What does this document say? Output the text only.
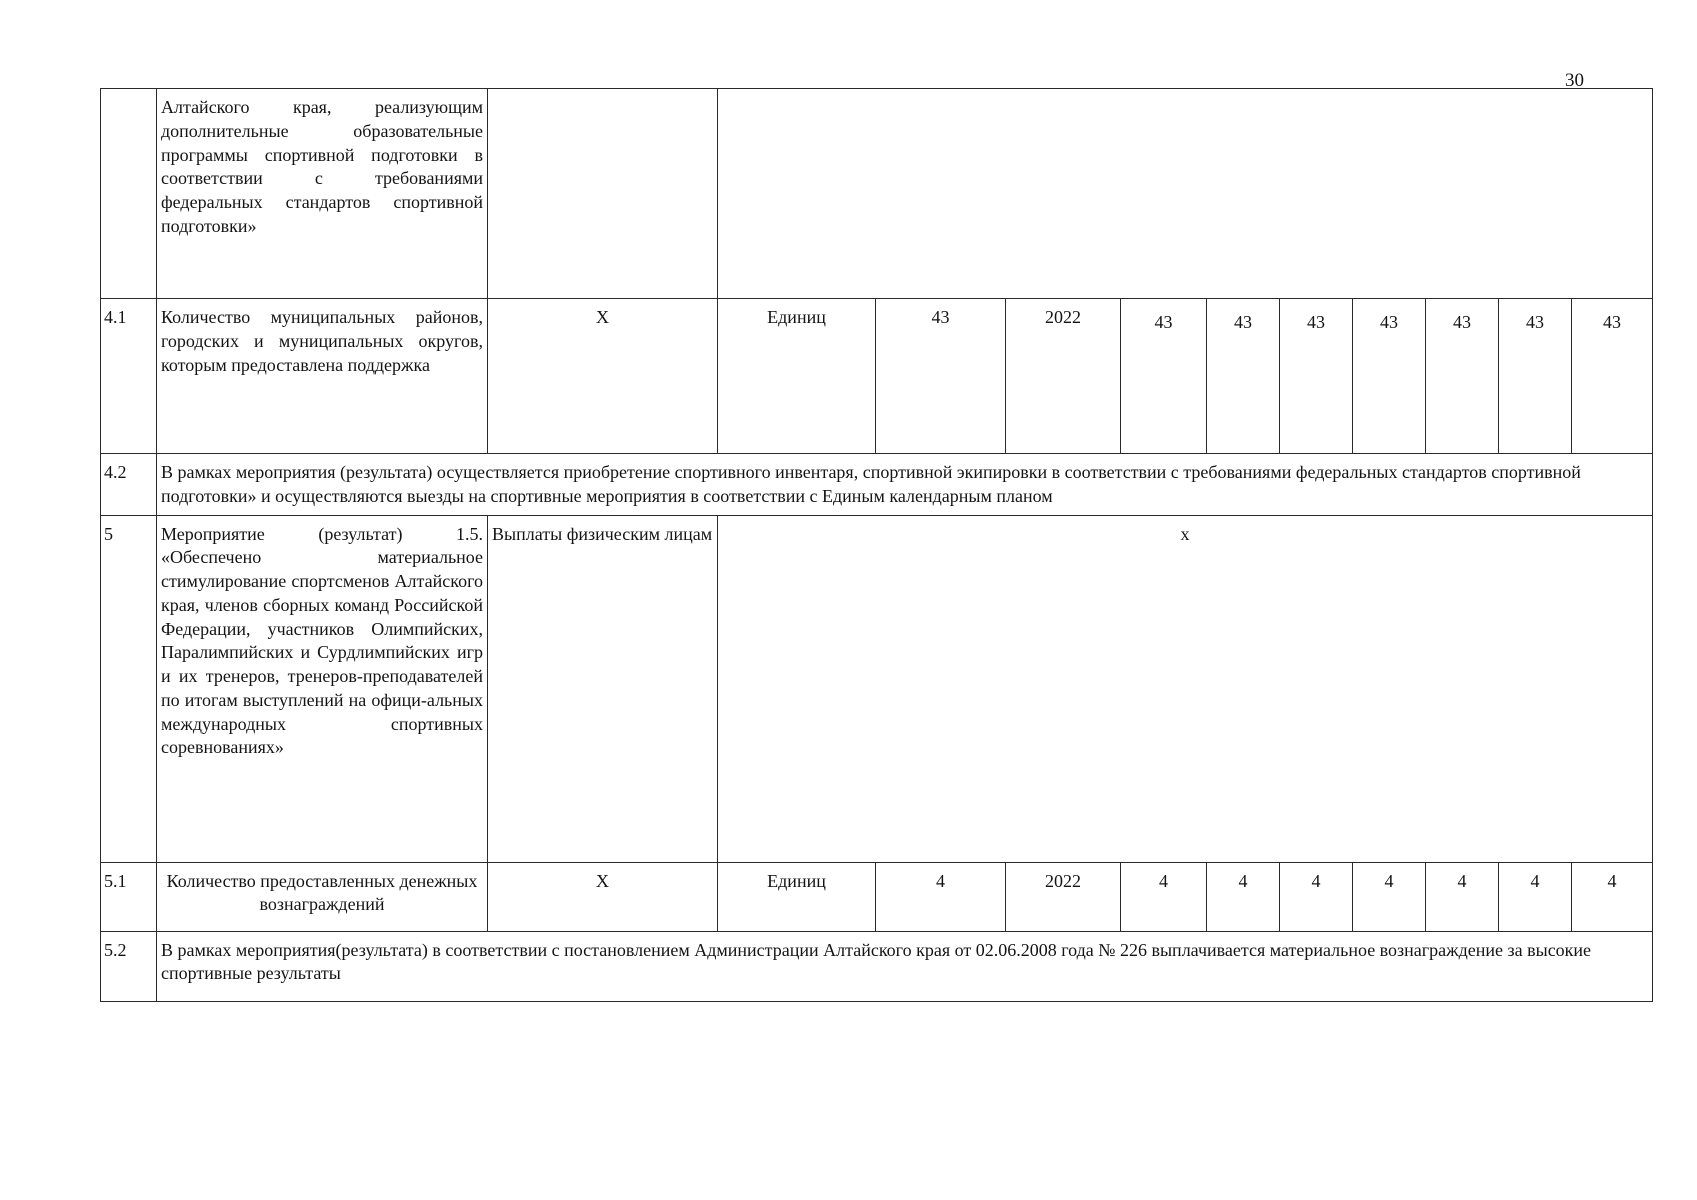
30
	Алтайского края, реализующим дополнительные образовательные программы спортивной подготовки в соответствии с требованиями федеральных стандартов спортивной подготовки»											
4.1	Количество муниципальных районов, городских и муниципальных округов, которым предоставлена поддержка	Х	Единиц	43	2022	43	43	43	43	43	43	43
4.2	В рамках мероприятия (результата) осуществляется приобретение спортивного инвентаря, спортивной экипировки в соответствии с требованиями федеральных стандартов спортивной подготовки» и осуществляются выезды на спортивные мероприятия в соответствии с Единым календарным планом											
5	Мероприятие (результат) 1.5. «Обеспечено материальное стимулирование спортсменов Алтайского края, членов сборных команд Российской Федерации, участников Олимпийских, Паралимпийских и Сурдлимпийских игр и их тренеров, тренеров-преподавателей по итогам выступлений на офици-альных международных спортивных соревнованиях»	Выплаты физическим лицам	х									
5.1	Количество предоставленных денежных вознаграждений	Х	Единиц	4	2022	4	4	4	4	4	4	4
5.2	В рамках мероприятия(результата) в соответствии с постановлением Администрации Алтайского края от 02.06.2008 года № 226 выплачивается материальное вознаграждение за высокие спортивные результаты											
